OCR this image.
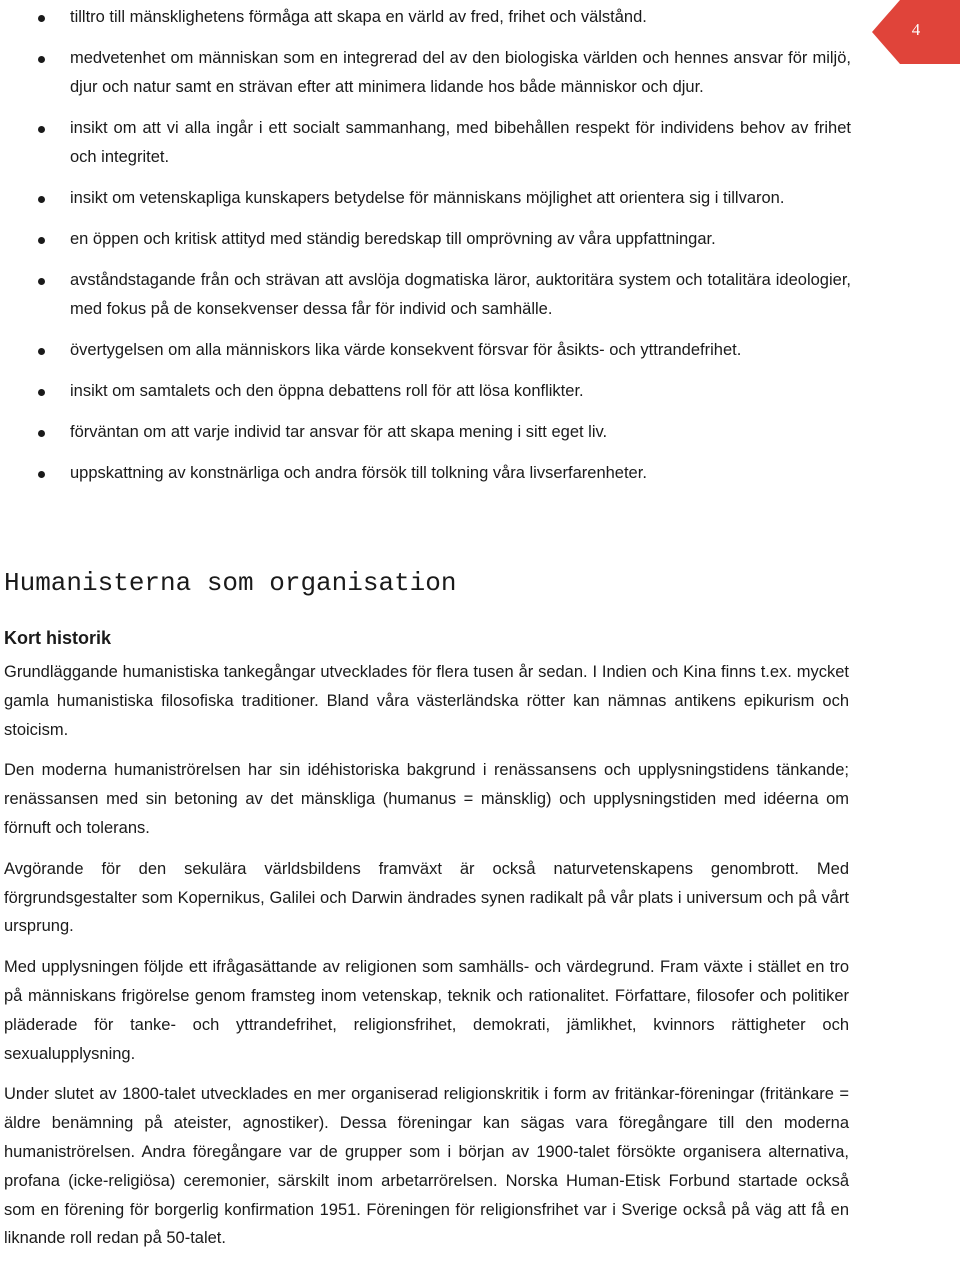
4
tilltro till mänsklighetens förmåga att skapa en värld av fred, frihet och välstånd.
medvetenhet om människan som en integrerad del av den biologiska världen och hennes ansvar för miljö, djur och natur samt en strävan efter att minimera lidande hos både människor och djur.
insikt om att vi alla ingår i ett socialt sammanhang, med bibehållen respekt för individens behov av frihet och integritet.
insikt om vetenskapliga kunskapers betydelse för människans möjlighet att orientera sig i tillvaron.
en öppen och kritisk attityd med ständig beredskap till omprövning av våra uppfattningar.
avståndstagande från och strävan att avslöja dogmatiska läror, auktoritära system och totalitära ideologier, med fokus på de konsekvenser dessa får för individ och samhälle.
övertygelsen om alla människors lika värde konsekvent försvar för åsikts- och yttrandefrihet.
insikt om samtalets och den öppna debattens roll för att lösa konflikter.
förväntan om att varje individ tar ansvar för att skapa mening i sitt eget liv.
uppskattning av konstnärliga och andra försök till tolkning våra livserfarenheter.
Humanisterna som organisation
Kort historik

Grundläggande humanistiska tankegångar utvecklades för flera tusen år sedan. I Indien och Kina finns t.ex. mycket gamla humanistiska filosofiska traditioner. Bland våra västerländska rötter kan nämnas antikens epikurism och stoicism.

Den moderna humaniströrelsen har sin idéhistoriska bakgrund i renässansens och upplysningstidens tänkande; renässansen med sin betoning av det mänskliga (humanus = mänsklig) och upplysningstiden med idéerna om förnuft och tolerans.

Avgörande för den sekulära världsbildens framväxt är också naturvetenskapens genombrott. Med förgrundsgestalter som Kopernikus, Galilei och Darwin ändrades synen radikalt på vår plats i universum och på vårt ursprung.

Med upplysningen följde ett ifrågasättande av religionen som samhälls- och värdegrund. Fram växte i stället en tro på människans frigörelse genom framsteg inom vetenskap, teknik och rationalitet. Författare, filosofer och politiker pläderade för tanke- och yttrandefrihet, religionsfrihet, demokrati, jämlikhet, kvinnors rättigheter och sexualupplysning.

Under slutet av 1800-talet utvecklades en mer organiserad religionskritik i form av fritänkar-föreningar (fritänkare = äldre benämning på ateister, agnostiker). Dessa föreningar kan sägas vara föregångare till den moderna humaniströrelsen. Andra föregångare var de grupper som i början av 1900-talet försökte organisera alternativa, profana (icke-religiösa) ceremonier, särskilt inom arbetarrörelsen. Norska Human-Etisk Forbund startade också som en förening för borgerlig konfirmation 1951. Föreningen för religionsfrihet var i Sverige också på väg att få en liknande roll redan på 50-talet.
